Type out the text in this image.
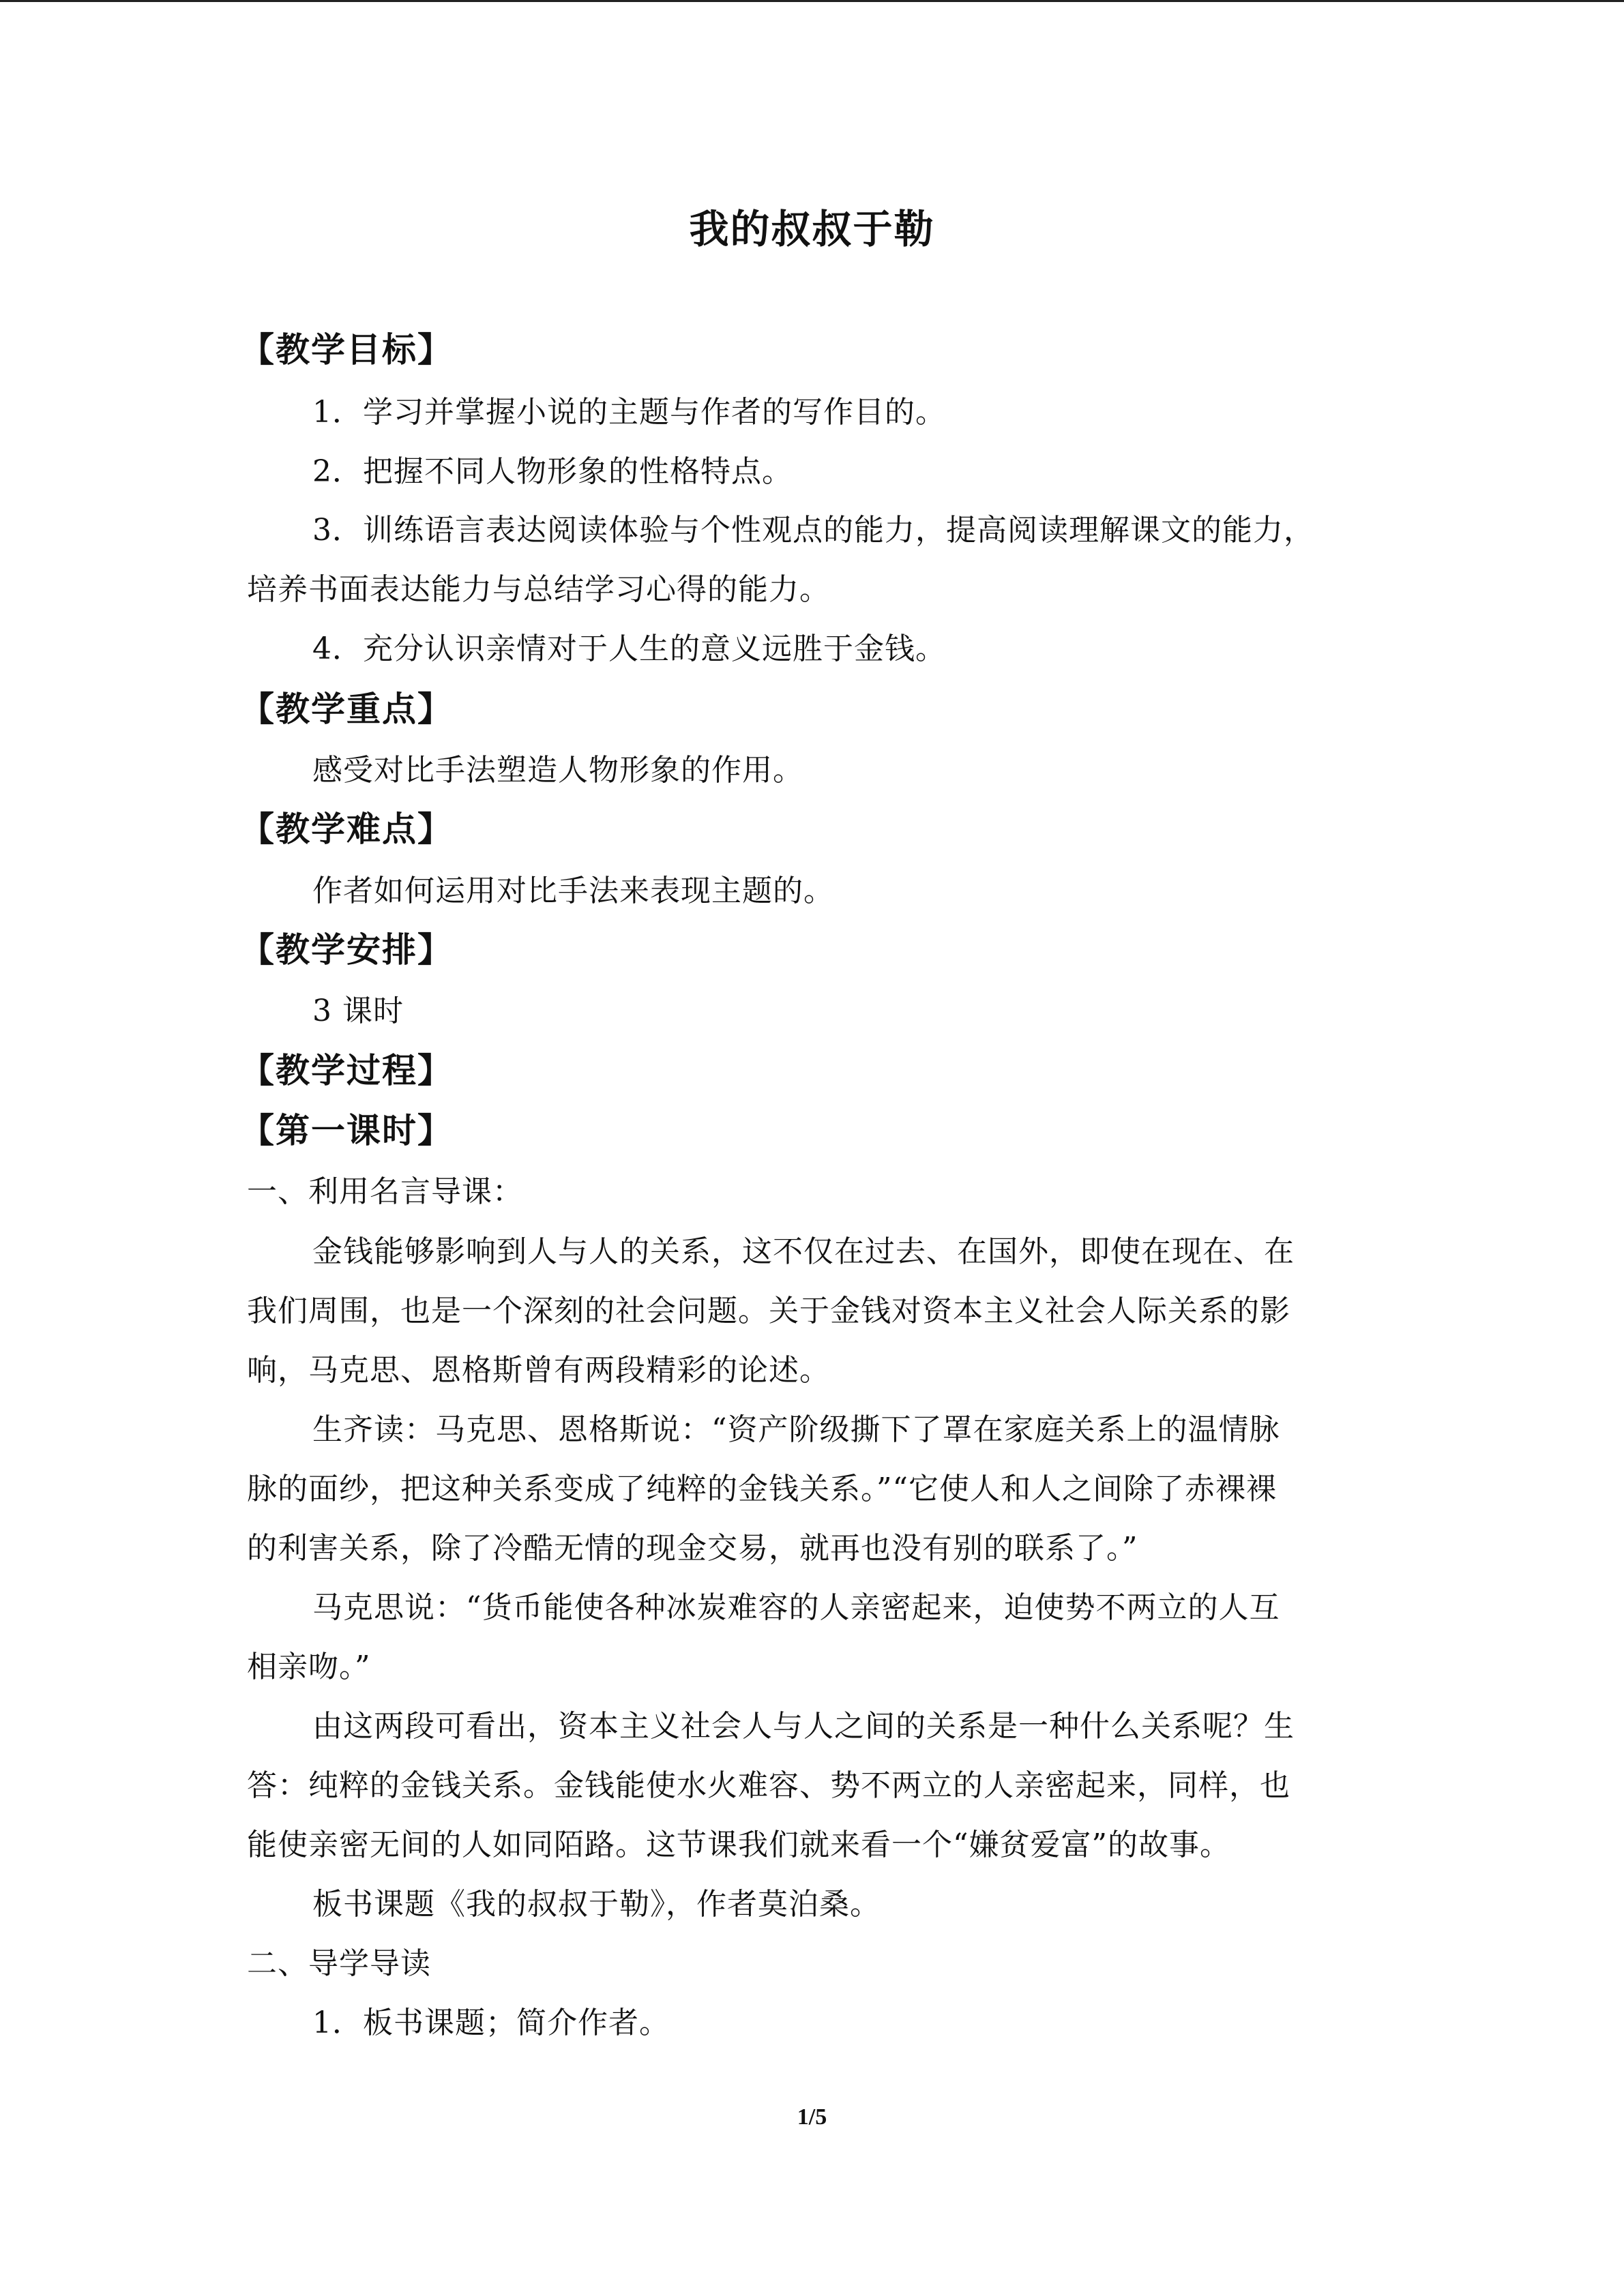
我的叔叔于勒
【教学目标】
1．学习并掌握小说的主题与作者的写作目的。
2．把握不同人物形象的性格特点。
3．训练语言表达阅读体验与个性观点的能力，提高阅读理解课文的能力，
培养书面表达能力与总结学习心得的能力。
4．充分认识亲情对于人生的意义远胜于金钱。
【教学重点】
感受对比手法塑造人物形象的作用。
【教学难点】
作者如何运用对比手法来表现主题的。
【教学安排】
3 课时
【教学过程】
【第一课时】
一、利用名言导课：
金钱能够影响到人与人的关系，这不仅在过去、在国外，即使在现在、在
我们周围，也是一个深刻的社会问题。关于金钱对资本主义社会人际关系的影
响，马克思、恩格斯曾有两段精彩的论述。
生齐读：马克思、恩格斯说：“资产阶级撕下了罩在家庭关系上的温情脉
脉的面纱，把这种关系变成了纯粹的金钱关系。”“它使人和人之间除了赤裸裸
的利害关系，除了冷酷无情的现金交易，就再也没有别的联系了。”
马克思说：“货币能使各种冰炭难容的人亲密起来，迫使势不两立的人互
相亲吻。”
由这两段可看出，资本主义社会人与人之间的关系是一种什么关系呢？生
答：纯粹的金钱关系。金钱能使水火难容、势不两立的人亲密起来，同样，也
能使亲密无间的人如同陌路。这节课我们就来看一个“嫌贫爱富”的故事。
板书课题《我的叔叔于勒》，作者莫泊桑。
二、导学导读
1．板书课题；简介作者。
1/5
